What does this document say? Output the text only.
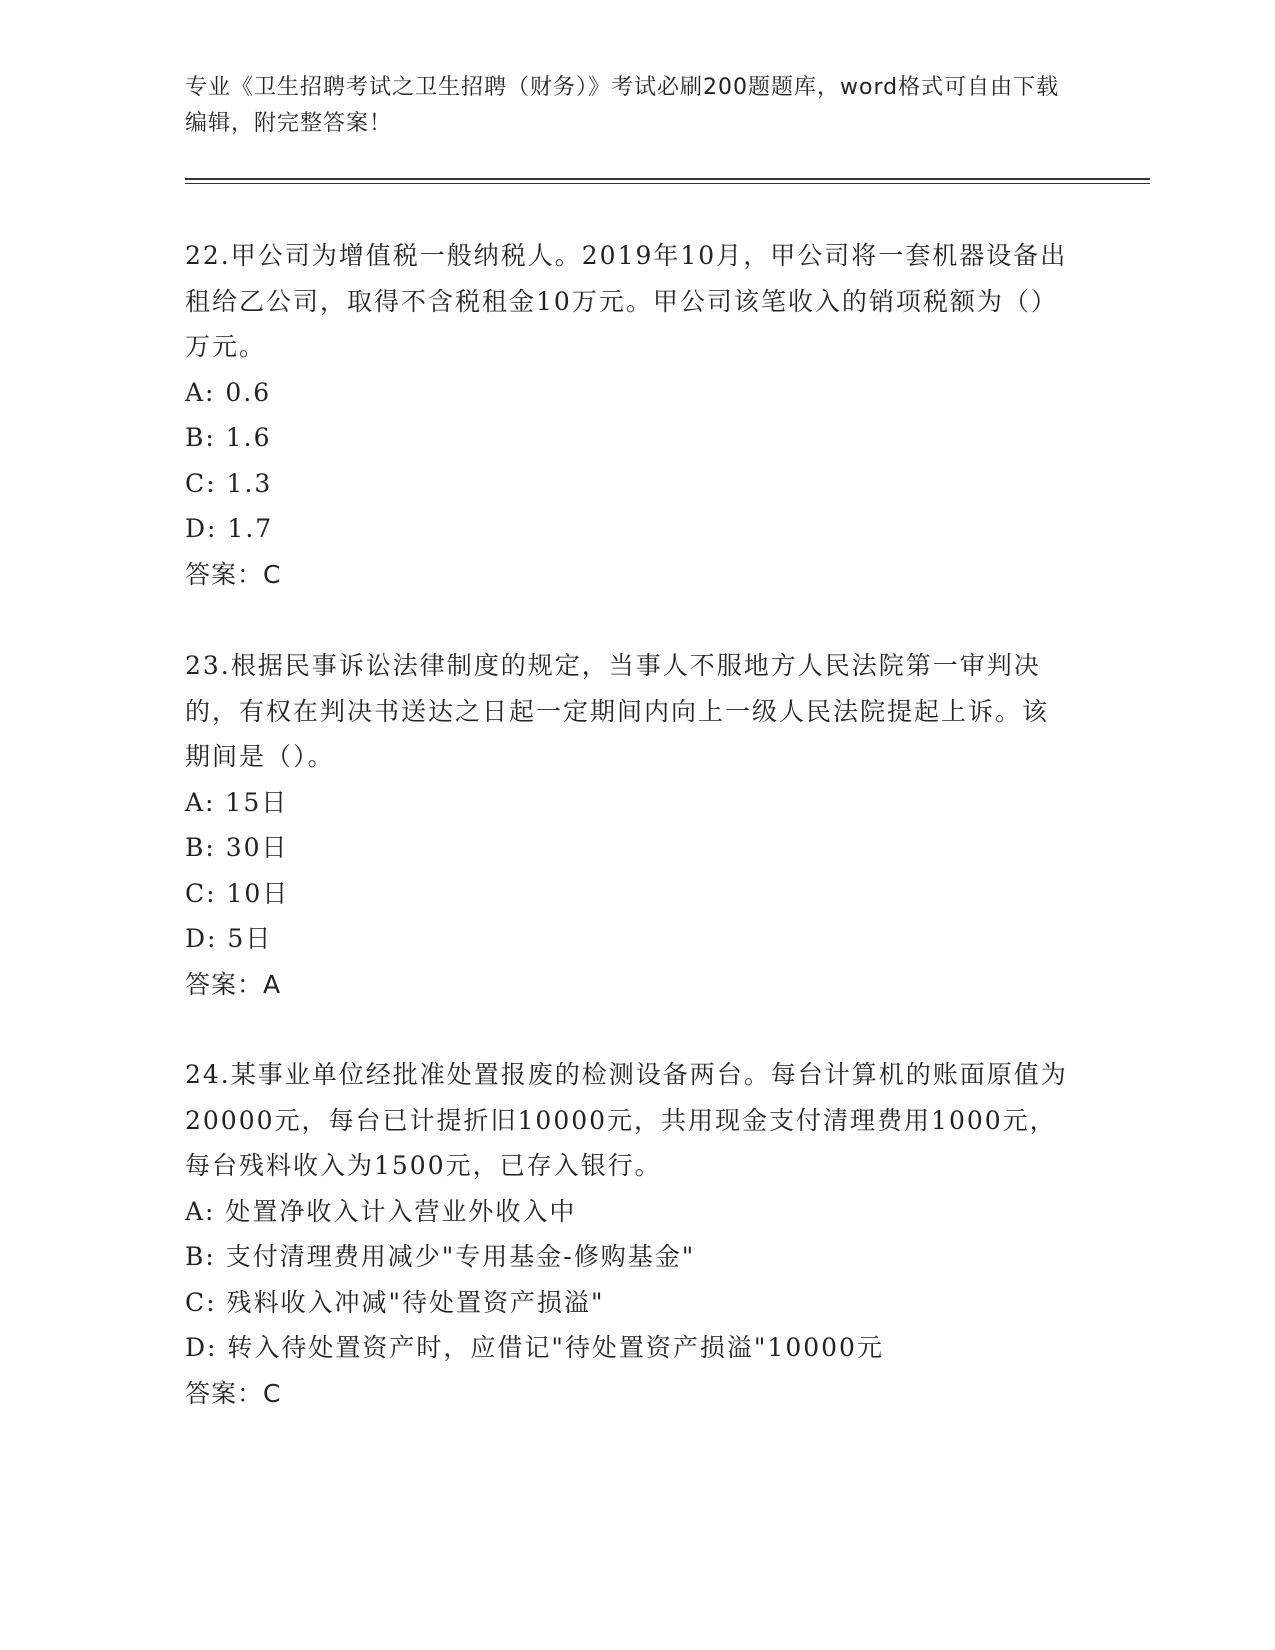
专业《卫生招聘考试之卫生招聘（财务）》考试必刷200题题库，word格式可自由下载编辑，附完整答案！

22.甲公司为增值税一般纳税人。2019年10月，甲公司将一套机器设备出租给乙公司，取得不含税租金10万元。甲公司该笔收入的销项税额为（）万元。

A: 0.6

B: 1.6

C: 1.3

D: 1.7

答案：C

23.根据民事诉讼法律制度的规定，当事人不服地方人民法院第一审判决的，有权在判决书送达之日起一定期间内向上一级人民法院提起上诉。该期间是（）。

A: 15日

B: 30日

C: 10日

D: 5日

答案：A

24.某事业单位经批准处置报废的检测设备两台。每台计算机的账面原值为20000元，每台已计提折旧10000元，共用现金支付清理费用1000元，每台残料收入为1500元，已存入银行。

A: 处置净收入计入营业外收入中

B: 支付清理费用减少"专用基金-修购基金"

C: 残料收入冲减"待处置资产损溢"

D: 转入待处置资产时，应借记"待处置资产损溢"10000元

答案：C
